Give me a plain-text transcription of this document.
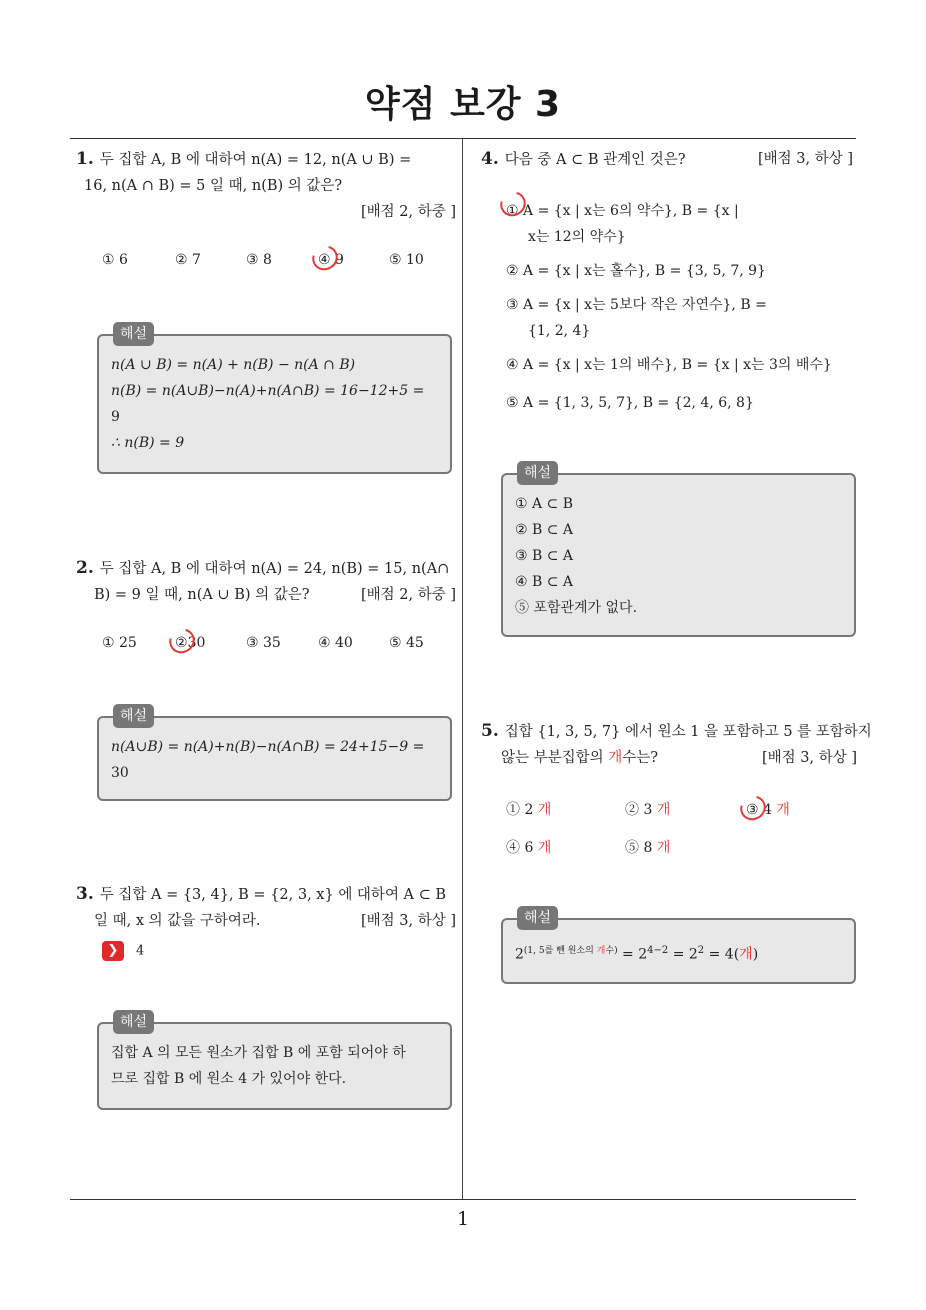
약점 보강 3
1
1. 두 집합 A, B 에 대하여 n(A) = 12, n(A ∪ B) =
16, n(A ∩ B) = 5 일 때, n(B) 의 값은?
[배점 2, 하중 ]
① 6	② 7	③ 8	④ 9	⑤ 10
해설
n(A ∪ B) = n(A) + n(B) − n(A ∩ B)
n(B) = n(A∪B)−n(A)+n(A∩B) = 16−12+5 =
9
∴ n(B) = 9
2. 두 집합 A, B 에 대하여 n(A) = 24, n(B) = 15, n(A∩
B) = 9 일 때, n(A ∪ B) 의 값은?	[배점 2, 하중 ]
① 25	②30	③ 35	④ 40	⑤ 45
해설
n(A∪B) = n(A)+n(B)−n(A∩B) = 24+15−9 =
30
3. 두 집합 A = {3, 4}, B = {2, 3, x} 에 대하여 A ⊂ B
일 때, x 의 값을 구하여라.	[배점 3, 하상 ]
❯ 4
해설
집합 A 의 모든 원소가 집합 B 에 포함 되어야 하
므로 집합 B 에 원소 4 가 있어야 한다.
4. 다음 중 A ⊂ B 관계인 것은?	[배점 3, 하상 ]
① A = {x | x는 6의 약수}, B = {x |
x는 12의 약수}
② A = {x | x는 홀수}, B = {3, 5, 7, 9}
③ A = {x | x는 5보다 작은 자연수}, B =
{1, 2, 4}
④ A = {x | x는 1의 배수}, B = {x | x는 3의 배수}
⑤ A = {1, 3, 5, 7}, B = {2, 4, 6, 8}
해설
① A ⊂ B
② B ⊂ A
③ B ⊂ A
④ B ⊂ A
⑤ 포함관계가 없다.
5. 집합 {1, 3, 5, 7} 에서 원소 1 을 포함하고 5 를 포함하지
않는 부분집합의 개수는?	[배점 3, 하상 ]
① 2 개	② 3 개	③ 4 개
④ 6 개	⑤ 8 개
해설
$2^{(1, 5를 뺀 원소의 개수)} = 2^{4-2} = 2^2 = 4$(개)
